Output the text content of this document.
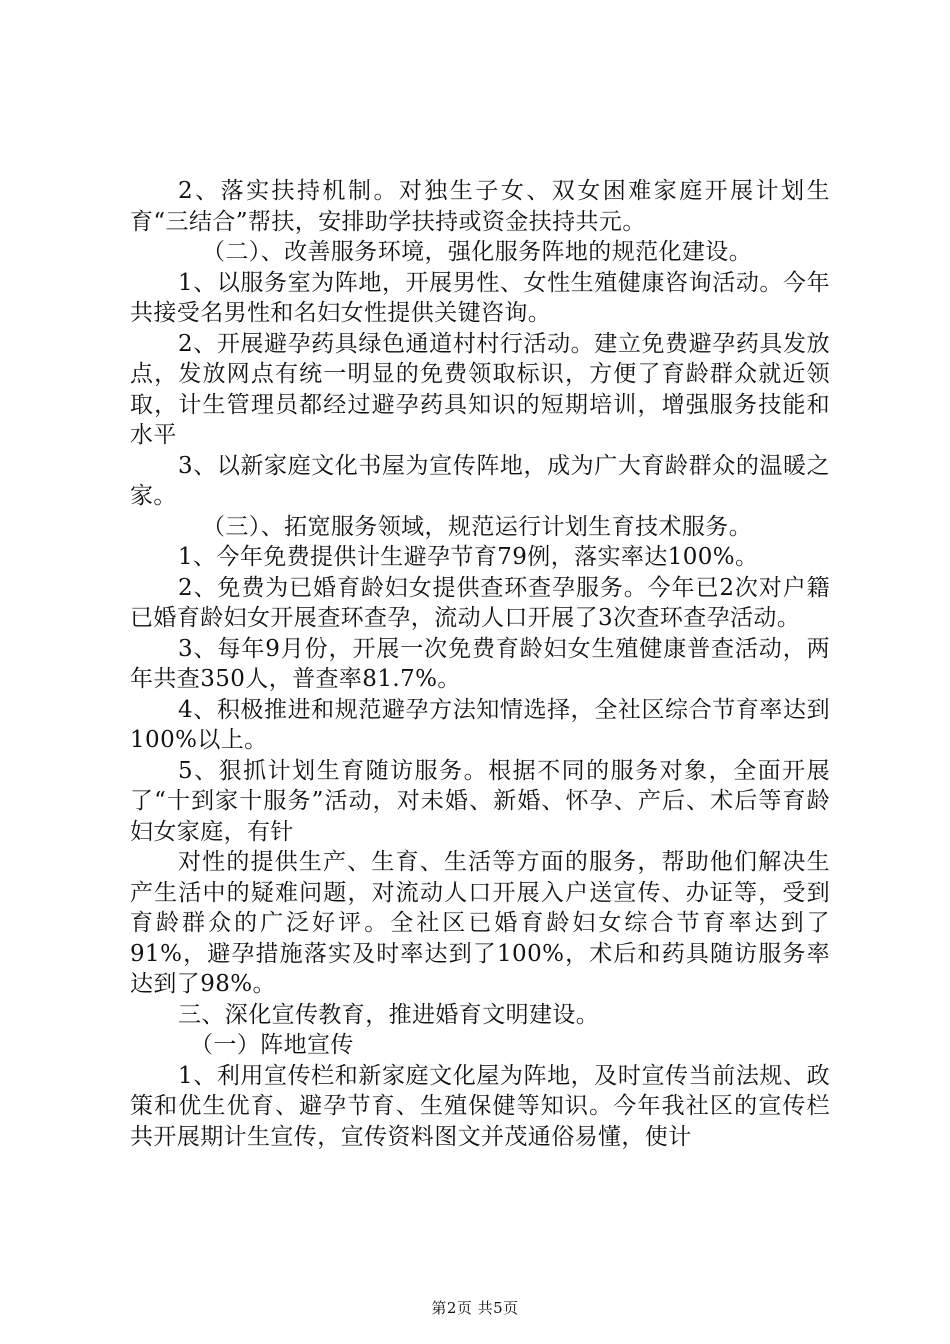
2、落实扶持机制。对独生子女、双女困难家庭开展计划生育“三结合”帮扶，安排助学扶持或资金扶持共元。

（二）、改善服务环境，强化服务阵地的规范化建设。

1、以服务室为阵地，开展男性、女性生殖健康咨询活动。今年共接受名男性和名妇女性提供关键咨询。

2、开展避孕药具绿色通道村村行活动。建立免费避孕药具发放点，发放网点有统一明显的免费领取标识，方便了育龄群众就近领取，计生管理员都经过避孕药具知识的短期培训，增强服务技能和水平

3、以新家庭文化书屋为宣传阵地，成为广大育龄群众的温暖之家。

（三）、拓宽服务领域，规范运行计划生育技术服务。

1、今年免费提供计生避孕节育79例，落实率达100%。

2、免费为已婚育龄妇女提供查环查孕服务。今年已2次对户籍已婚育龄妇女开展查环查孕，流动人口开展了3次查环查孕活动。

3、每年9月份，开展一次免费育龄妇女生殖健康普查活动，两年共查350人，普查率81.7%。

4、积极推进和规范避孕方法知情选择，全社区综合节育率达到100%以上。

5、狠抓计划生育随访服务。根据不同的服务对象，全面开展了“十到家十服务”活动，对未婚、新婚、怀孕、产后、术后等育龄妇女家庭，有针

对性的提供生产、生育、生活等方面的服务，帮助他们解决生产生活中的疑难问题，对流动人口开展入户送宣传、办证等，受到育龄群众的广泛好评。全社区已婚育龄妇女综合节育率达到了91%，避孕措施落实及时率达到了100%，术后和药具随访服务率达到了98%。

三、深化宣传教育，推进婚育文明建设。

（一）阵地宣传

1、利用宣传栏和新家庭文化屋为阵地，及时宣传当前法规、政策和优生优育、避孕节育、生殖保健等知识。今年我社区的宣传栏共开展期计生宣传，宣传资料图文并茂通俗易懂，使计

第2页 共5页
